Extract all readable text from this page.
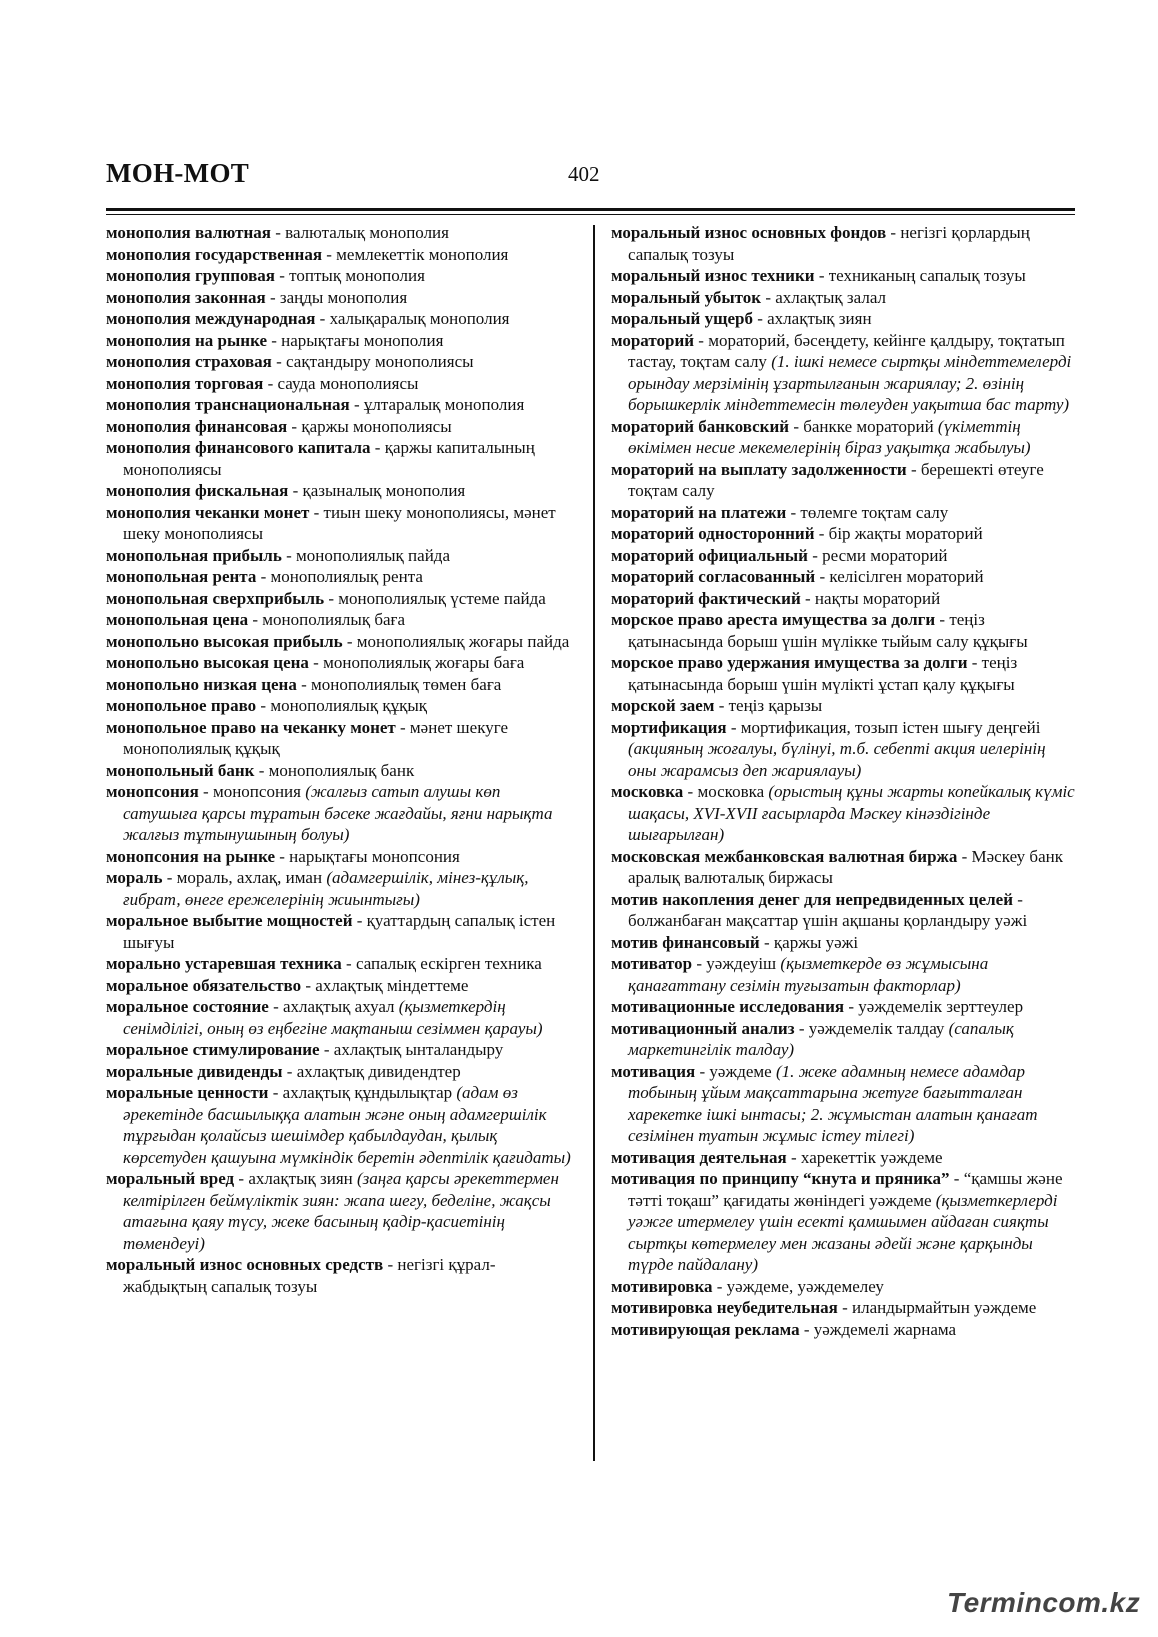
МОН-МОТ	402
монополия валютная - валюталық монополия
монополия государственная - мемлекеттік монополия
монополия групповая - топтық монополия
монополия законная - заңды монополия
монополия международная - халықаралық монополия
монополия на рынке - нарықтағы монополия
монополия страховая - сақтандыру монополиясы
монополия торговая - сауда монополиясы
монополия транснациональная - ұлтаралық монополия
монополия финансовая - қаржы монополиясы
монополия финансового капитала - қаржы капиталының монополиясы
монополия фискальная - қазыналық монополия
монополия чеканки монет - тиын шеку монополиясы, мәнет шеку монополиясы
монопольная прибыль - монополиялық пайда
монопольная рента - монополиялық рента
монопольная сверхприбыль - монополиялық үстеме пайда
монопольная цена - монополиялық баға
монопольно высокая прибыль - монополиялық жоғары пайда
монопольно высокая цена - монополиялық жоғары баға
монопольно низкая цена - монополиялық төмен баға
монопольное право - монополиялық құқық
монопольное право на чеканку монет - мәнет шекуге монополиялық құқық
монопольный банк - монополиялық банк
монопсония - монопсония (жалғыз сатып алушы көп сатушыға қарсы тұратын бәсеке жағдайы, яғни нарықта жалғыз тұтынушының болуы)
монопсония на рынке - нарықтағы монопсония
мораль - мораль, ахлақ, иман (адамгершілік, мінез-құлық, ғибрат, өнеге ережелерінің жиынтығы)
моральное выбытие мощностей - қуаттардың сапалық істен шығуы
морально устаревшая техника - сапалық ескірген техника
моральное обязательство - ахлақтық міндеттеме
моральное состояние - ахлақтық ахуал (қызметкердің сенімділігі, оның өз еңбегіне мақтаныш сезіммен қарауы)
моральное стимулирование - ахлақтық ынталандыру
моральные дивиденды - ахлақтық дивидендтер
моральные ценности - ахлақтық құндылықтар (адам өз әрекетінде басшылыққа алатын және оның адамгершілік тұрғыдан қолайсыз шешімдер қабылдаудан, қылық көрсетуден қашуына мүмкіндік беретін әдептілік қағидаты)
моральный вред - ахлақтық зиян (заңға қарсы әрекеттермен келтірілген беймүліктік зиян: жапа шегу, беделіне, жақсы атағына қаяу түсу, жеке басының қадір-қасиетінің төмендеуі)
моральный износ основных средств - негізгі құрал-жабдықтың сапалық тозуы
моральный износ основных фондов - негізгі қорлардың сапалық тозуы
моральный износ техники - техниканың сапалық тозуы
моральный убыток - ахлақтық залал
моральный ущерб - ахлақтық зиян
мораторий - мораторий, бәсеңдету, кейінге қалдыру, тоқтатып тастау, тоқтам салу (1. ішкі немесе сыртқы міндеттемелерді орындау мерзімінің ұзартылғанын жариялау; 2. өзінің борышкерлік міндеттемесін төлеуден уақытша бас тарту)
мораторий банковский - банкке мораторий (үкіметтің өкімімен несие мекемелерінің біраз уақытқа жабылуы)
мораторий на выплату задолженности - берешекті өтеуге тоқтам салу
мораторий на платежи - төлемге тоқтам салу
мораторий односторонний - бір жақты мораторий
мораторий официальный - ресми мораторий
мораторий согласованный - келісілген мораторий
мораторий фактический - нақты мораторий
морское право ареста имущества за долги - теңіз қатынасында борыш үшін мүлікке тыйым салу құқығы
морское право удержания имущества за долги - теңіз қатынасында борыш үшін мүлікті ұстап қалу құқығы
морской заем - теңіз қарызы
мортификация - мортификация, тозып істен шығу деңгейі (акцияның жоғалуы, бүлінуі, т.б. себепті акция иелерінің оны жарамсыз деп жариялауы)
московка - московка (орыстың құны жарты копейкалық күміс шақасы, XVI-XVII ғасырларда Мәскеу кінәздігінде шығарылған)
московская межбанковская валютная биржа - Мәскеу банк аралық валюталық биржасы
мотив накопления денег для непредвиденных целей - болжанбаған мақсаттар үшін ақшаны қорландыру уәжі
мотив финансовый - қаржы уәжі
мотиватор - уәждеуіш (қызметкерде өз жұмысына қанағаттану сезімін туғызатын факторлар)
мотивационные исследования - уәждемелік зерттеулер
мотивационный анализ - уәждемелік талдау (сапалық маркетингілік талдау)
мотивация - уәждеме (1. жеке адамның немесе адамдар тобының ұйым мақсаттарына жетуге бағытталған харекетке ішкі ынтасы; 2. жұмыстан алатын қанағат сезімінен туатын жұмыс істеу тілегі)
мотивация деятельная - харекеттік уәждеме
мотивация по принципу “кнута и пряника” - “қамшы және тәтті тоқаш” қағидаты жөніндегі уәждеме (қызметкерлерді уәжге итермелеу үшін есекті қамшымен айдаған сияқты сыртқы көтермелеу мен жазаны әдейі және қарқынды түрде пайдалану)
мотивировка - уәждеме, уәждемелеу
мотивировка неубедительная - иландырмайтын уәждеме
мотивирующая реклама - уәждемелі жарнама
Termincom.kz
